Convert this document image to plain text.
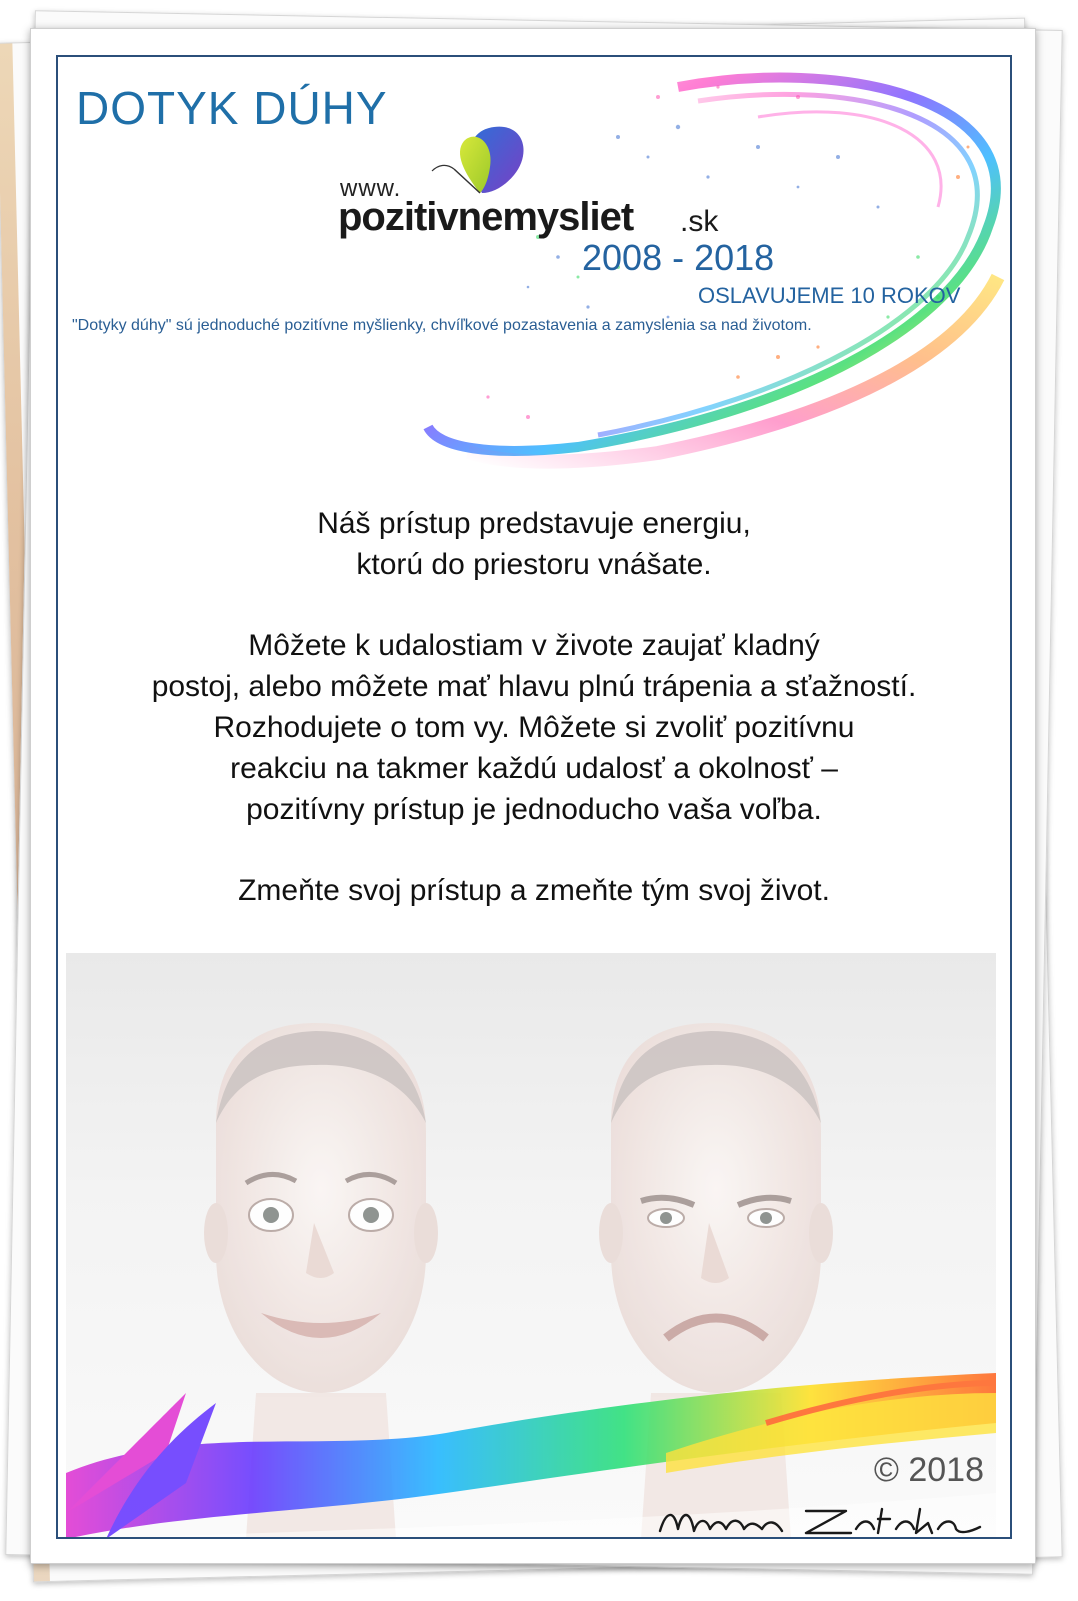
DOTYK DÚHY
www.
pozitivnemysliet .sk
2008 - 2018
OSLAVUJEME 10 ROKOV
"Dotyky dúhy" sú jednoduché pozitívne myšlienky, chvíľkové pozastavenia a zamyslenia sa nad životom.
Náš prístup predstavuje energiu,
ktorú do priestoru vnášate.
Môžete k udalostiam v živote zaujať kladný
postoj, alebo môžete mať hlavu plnú trápenia a sťažností.
Rozhodujete o tom vy. Môžete si zvoliť pozitívnu
reakciu na takmer každú udalosť a okolnosť –
pozitívny prístup je jednoducho vaša voľba.
Zmeňte svoj prístup a zmeňte tým svoj život.
© 2018
